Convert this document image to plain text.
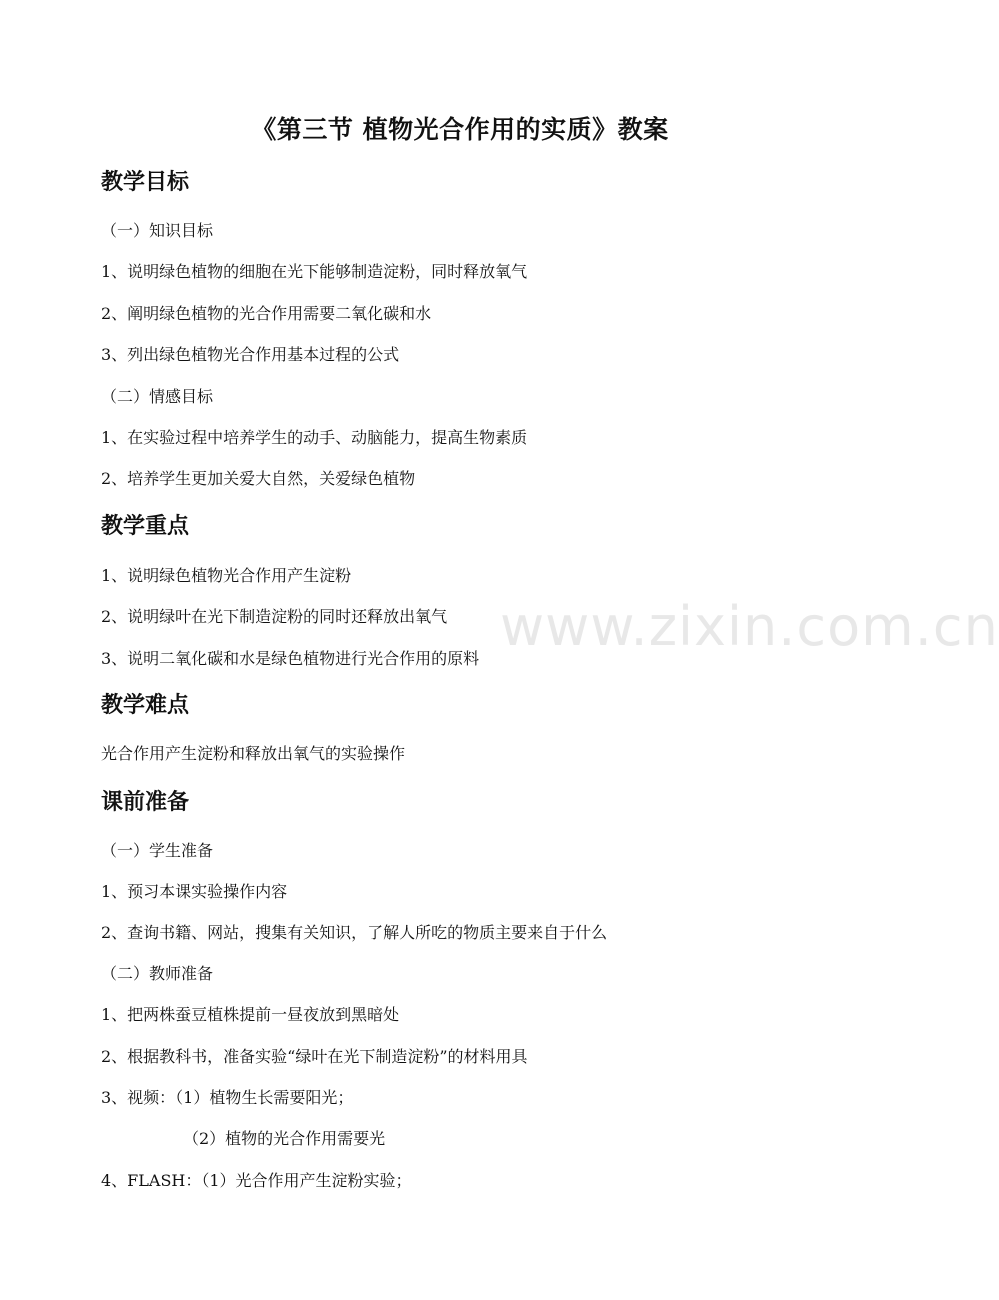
www.zixin.com.cn
《第三节 植物光合作用的实质》教案
教学目标
（一）知识目标
1、说明绿色植物的细胞在光下能够制造淀粉，同时释放氧气
2、阐明绿色植物的光合作用需要二氧化碳和水
3、列出绿色植物光合作用基本过程的公式
（二）情感目标
1、在实验过程中培养学生的动手、动脑能力，提高生物素质
2、培养学生更加关爱大自然，关爱绿色植物
教学重点
1、说明绿色植物光合作用产生淀粉
2、说明绿叶在光下制造淀粉的同时还释放出氧气
3、说明二氧化碳和水是绿色植物进行光合作用的原料
教学难点
光合作用产生淀粉和释放出氧气的实验操作
课前准备
（一）学生准备
1、预习本课实验操作内容
2、查询书籍、网站，搜集有关知识，了解人所吃的物质主要来自于什么
（二）教师准备
1、把两株蚕豆植株提前一昼夜放到黑暗处
2、根据教科书，准备实验“绿叶在光下制造淀粉”的材料用具
3、视频：（1）植物生长需要阳光；
（2）植物的光合作用需要光
4、FLASH：（1）光合作用产生淀粉实验；
